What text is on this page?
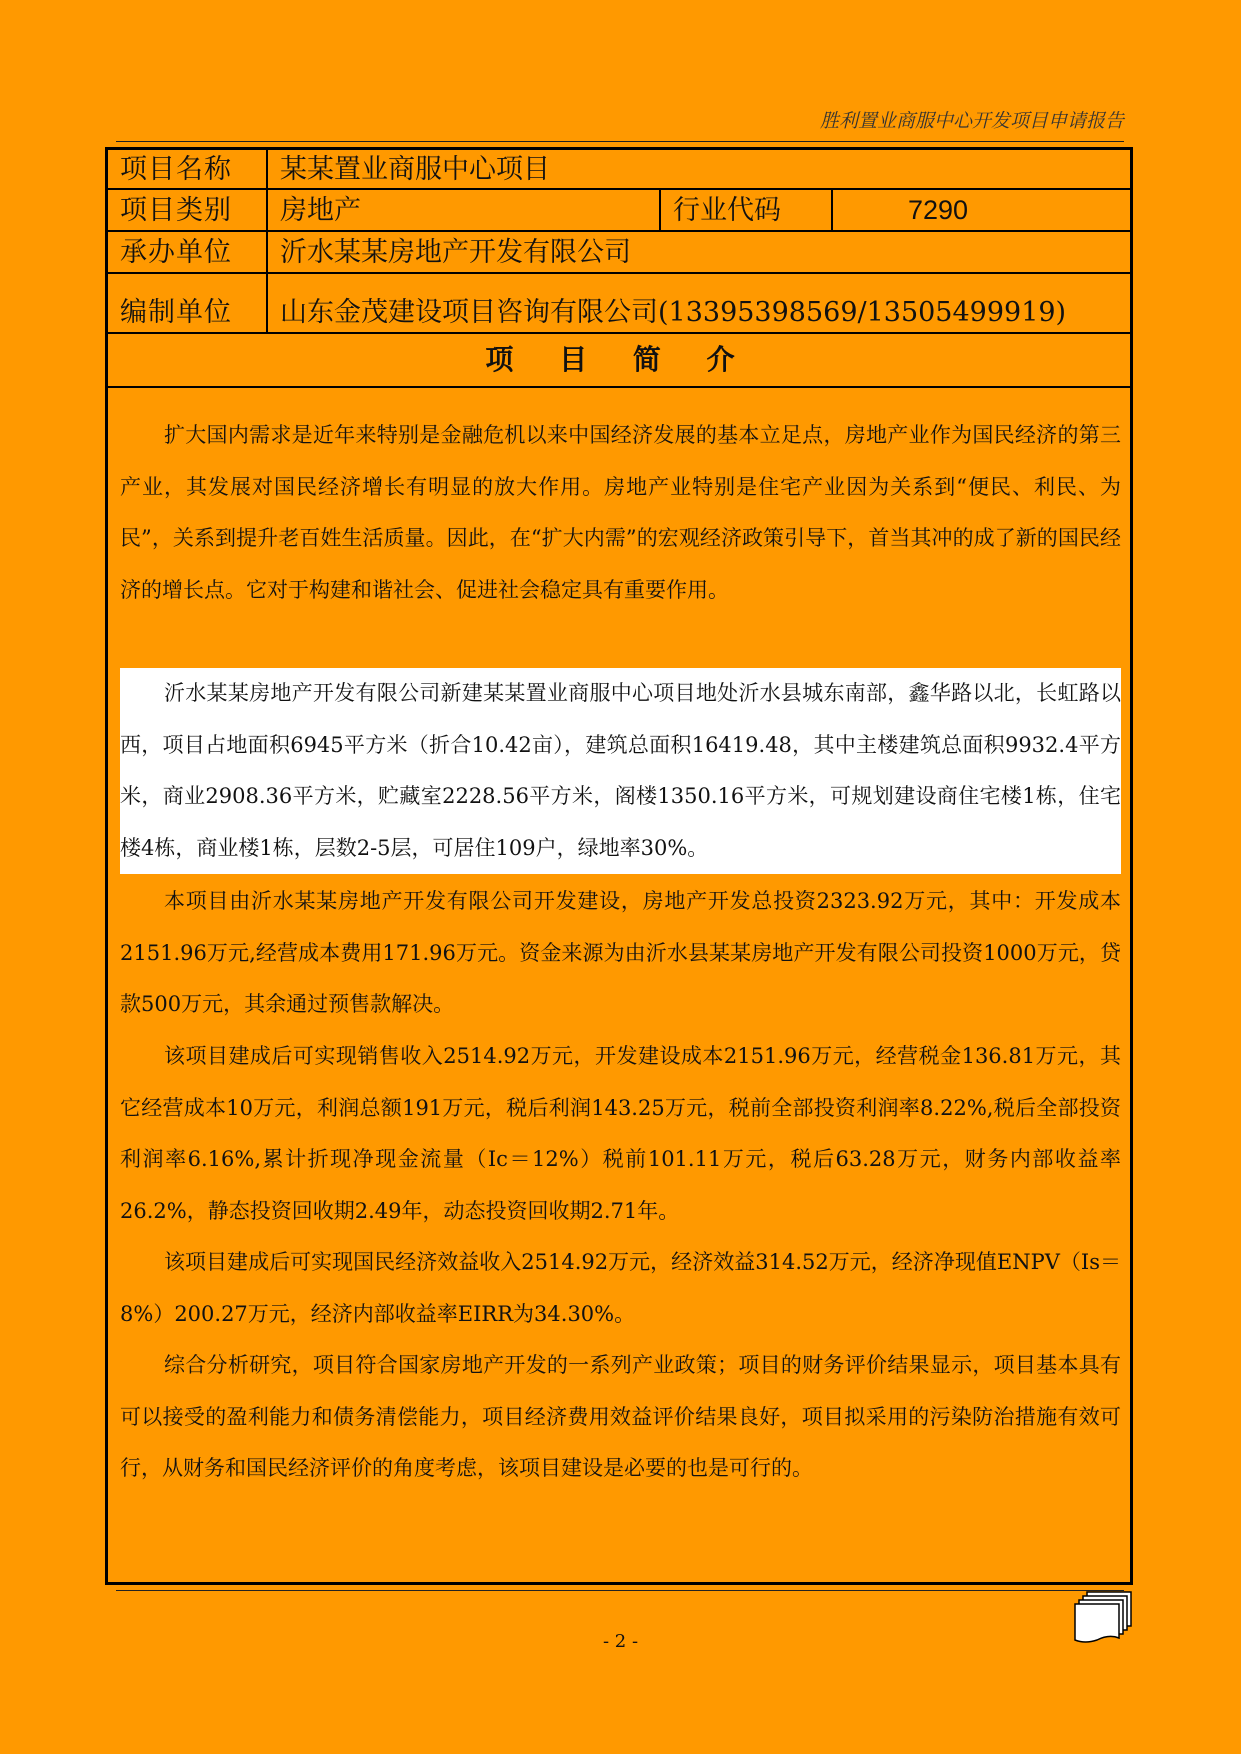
胜利置业商服中心开发项目申请报告
项目名称	某某置业商服中心项目
项目类别	房地产	行业代码	7290
承办单位	沂水某某房地产开发有限公司
编制单位	山东金茂建设项目咨询有限公司(13395398569/13505499919)
项 目 简 介

扩大国内需求是近年来特别是金融危机以来中国经济发展的基本立足点，房地产业作为国民经济的第三产业，其发展对国民经济增长有明显的放大作用。房地产业特别是住宅产业因为关系到“便民、利民、为民”，关系到提升老百姓生活质量。因此，在“扩大内需”的宏观经济政策引导下，首当其冲的成了新的国民经济的增长点。它对于构建和谐社会、促进社会稳定具有重要作用。

沂水某某房地产开发有限公司新建某某置业商服中心项目地处沂水县城东南部，鑫华路以北，长虹路以西，项目占地面积6945平方米（折合10.42亩），建筑总面积16419.48，其中主楼建筑总面积9932.4平方米，商业2908.36平方米，贮藏室2228.56平方米，阁楼1350.16平方米，可规划建设商住宅楼1栋，住宅楼4栋，商业楼1栋，层数2-5层，可居住109户，绿地率30%。

本项目由沂水某某房地产开发有限公司开发建设，房地产开发总投资2323.92万元，其中：开发成本2151.96万元,经营成本费用171.96万元。资金来源为由沂水县某某房地产开发有限公司投资1000万元，贷款500万元，其余通过预售款解决。

该项目建成后可实现销售收入2514.92万元，开发建设成本2151.96万元，经营税金136.81万元，其它经营成本10万元，利润总额191万元，税后利润143.25万元，税前全部投资利润率8.22%,税后全部投资利润率6.16%,累计折现净现金流量（Ic＝12%）税前101.11万元，税后63.28万元，财务内部收益率26.2%，静态投资回收期2.49年，动态投资回收期2.71年。

该项目建成后可实现国民经济效益收入2514.92万元，经济效益314.52万元，经济净现值ENPV（Is＝8%）200.27万元，经济内部收益率EIRR为34.30%。

综合分析研究，项目符合国家房地产开发的一系列产业政策；项目的财务评价结果显示，项目基本具有可以接受的盈利能力和债务清偿能力，项目经济费用效益评价结果良好，项目拟采用的污染防治措施有效可行，从财务和国民经济评价的角度考虑，该项目建设是必要的也是可行的。

- 2 -
